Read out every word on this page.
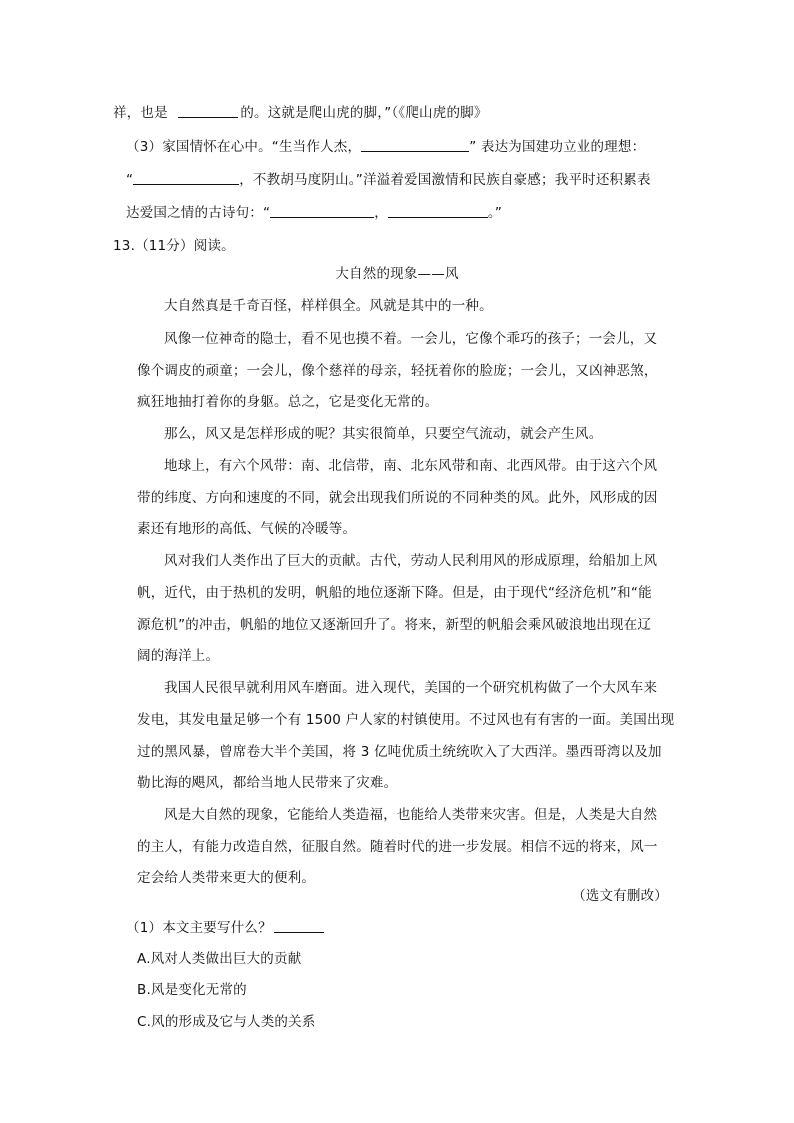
祥，也是	的。这就是爬山虎的脚，”（《爬山虎的脚》
（3）家国情怀在心中。“生当作人杰，	” 表达为国建功立业的理想：
“	，不教胡马度阴山。”洋溢着爱国激情和民族自豪感；我平时还积累表
达爱国之情的古诗句：“	，	。”
13.（11分）阅读。
大自然的现象——风
大自然真是千奇百怪，样样俱全。风就是其中的一种。
风像一位神奇的隐士，看不见也摸不着。一会儿，它像个乖巧的孩子；一会儿，又
像个调皮的顽童；一会儿，像个慈祥的母亲，轻抚着你的脸庞；一会儿，又凶神恶煞，
疯狂地抽打着你的身躯。总之，它是变化无常的。
那么，风又是怎样形成的呢？其实很简单，只要空气流动，就会产生风。
地球上，有六个风带：南、北信带，南、北东风带和南、北西风带。由于这六个风
带的纬度、方向和速度的不同，就会出现我们所说的不同种类的风。此外，风形成的因
素还有地形的高低、气候的冷暖等。
风对我们人类作出了巨大的贡献。古代，劳动人民利用风的形成原理，给船加上风
帆，近代，由于热机的发明，帆船的地位逐渐下降。但是，由于现代“经济危机”和“能
源危机”的冲击，帆船的地位又逐渐回升了。将来，新型的帆船会乘风破浪地出现在辽
阔的海洋上。
我国人民很早就利用风车磨面。进入现代，美国的一个研究机构做了一个大风车来
发电，其发电量足够一个有 1500 户人家的村镇使用。不过风也有有害的一面。美国出现
过的黑风暴，曾席卷大半个美国，将 3 亿吨优质土统统吹入了大西洋。墨西哥湾以及加
勒比海的飓风，都给当地人民带来了灾难。
风是大自然的现象，它能给人类造福，也能给人类带来灾害。但是，人类是大自然
的主人，有能力改造自然，征服自然。随着时代的进一步发展。相信不远的将来，风一
定会给人类带来更大的便利。
（选文有删改）
（1）本文主要写什么？
A.风对人类做出巨大的贡献
B.风是变化无常的
C.风的形成及它与人类的关系
